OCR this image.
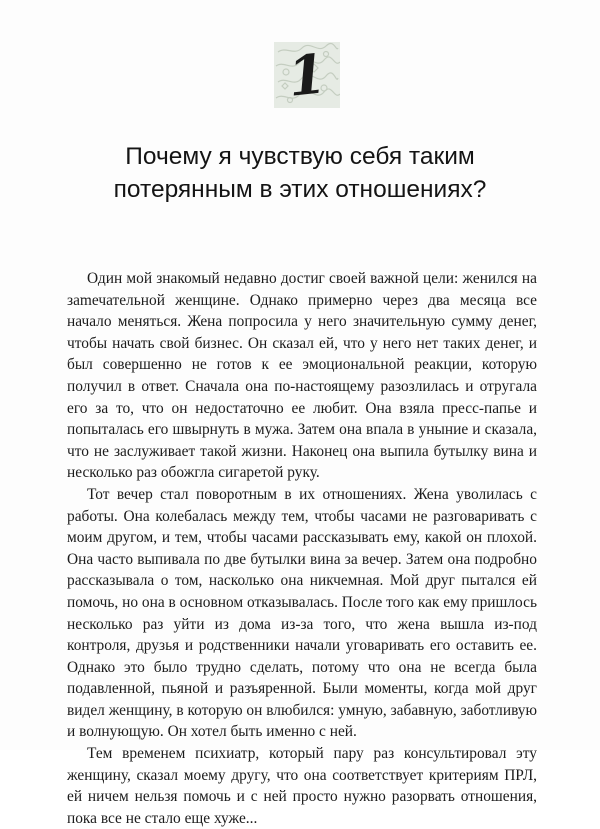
1
Почему я чувствую себя таким
потерянным в этих отношениях?

Один мой знакомый недавно достиг своей важной цели: женился на заmечательной женщине. Однако примерно через два месяца все начало меняться. Жена попросила у него значительную сумму денег, чтобы начать свой бизнес. Он сказал ей, что у него нет таких денег, и был совершенно не готов к ее эмоциональной реакции, которую получил в ответ. Сначала она по-настоящему разозлилась и отругала его за то, что он недостаточно ее любит. Она взяла пресс-папье и попыталась его швырнуть в мужа. Затем она впала в уныние и сказала, что не заслуживает такой жизни. Наконец она выпила бутылку вина и несколько раз обожгла сигаретой руку.

Тот вечер стал поворотным в их отношениях. Жена уволилась с работы. Она колебалась между тем, чтобы часами не разговаривать с моим другом, и тем, чтобы часами рассказывать ему, какой он плохой. Она часто выпивала по две бутылки вина за вечер. Затем она подробно рассказывала о том, насколько она никчемная. Мой друг пытался ей помочь, но она в основном отказывалась. После того как ему пришлось несколько раз уйти из дома из-за того, что жена вышла из-под контроля, друзья и родственники начали уговаривать его оставить ее. Однако это было трудно сделать, потому что она не всегда была подавленной, пьяной и разъяренной. Были моменты, когда мой друг видел женщину, в которую он влюбился: умную, забавную, заботливую и волнующую. Он хотел быть именно с ней.

Тем временем психиатр, который пару раз консультировал эту женщину, сказал моему другу, что она соответствует критериям ПРЛ, ей ничем нельзя помочь и с ней просто нужно разорвать отношения, пока все не стало еще хуже...
